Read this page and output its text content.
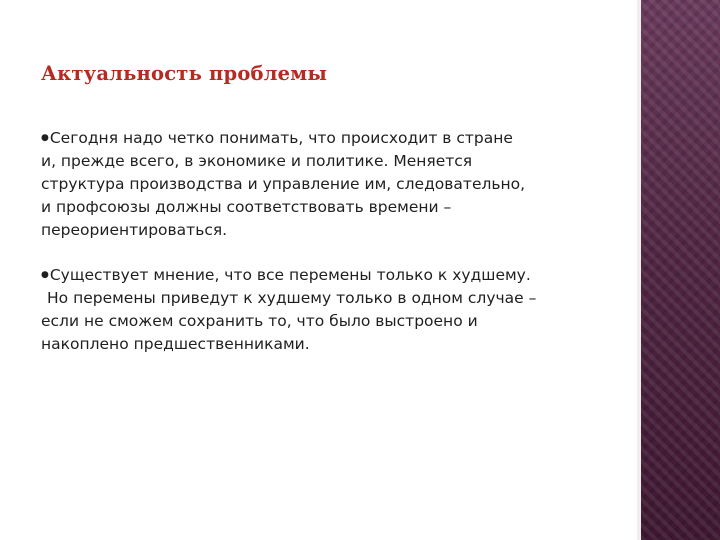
Актуальность проблемы
●Сегодня надо четко понимать, что происходит в стране
и, прежде всего, в экономике и политике. Меняется
структура производства и управление им, следовательно,
и профсоюзы должны соответствовать времени –
переориентироваться.
●Существует мнение, что все перемены только к худшему.
Но перемены приведут к худшему только в одном случае –
если не сможем сохранить то, что было выстроено и
накоплено предшественниками.
